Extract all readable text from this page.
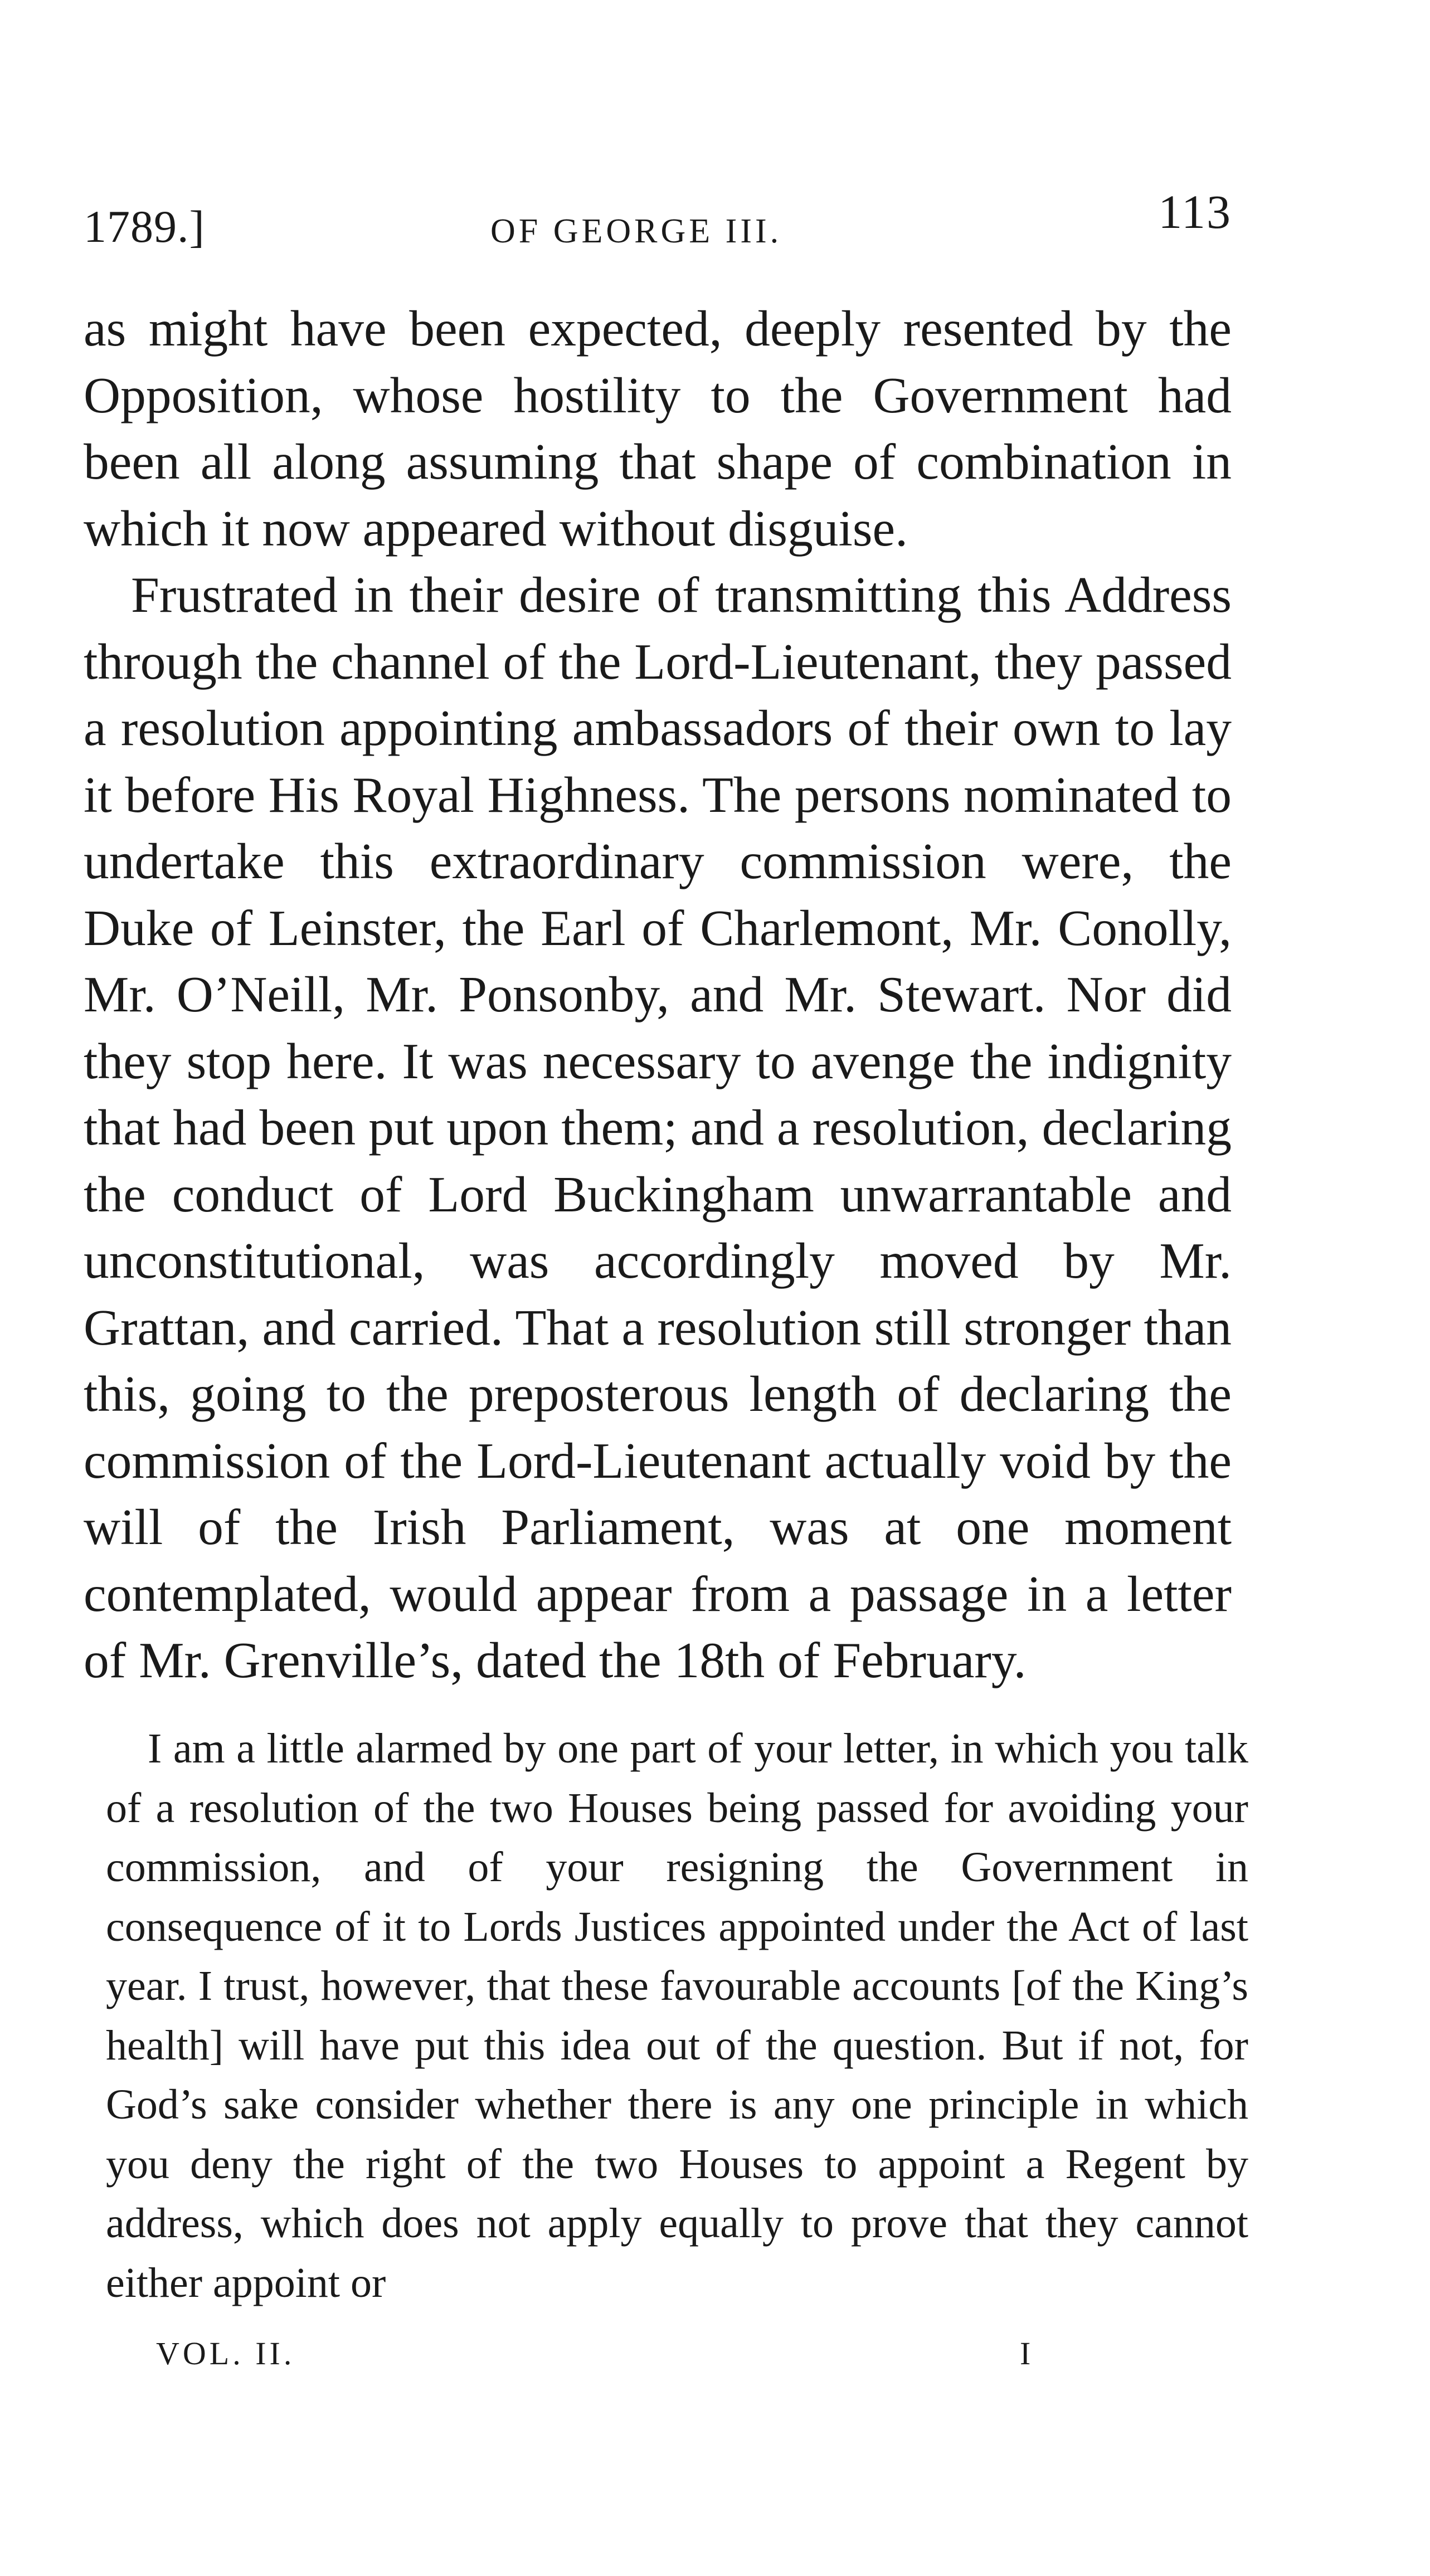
1789.]	OF GEORGE III.	113

as might have been expected, deeply resented by the Opposition, whose hostility to the Government had been all along assuming that shape of combination in which it now appeared without disguise.

Frustrated in their desire of transmitting this Address through the channel of the Lord-Lieutenant, they passed a resolution appointing ambassadors of their own to lay it before His Royal Highness. The persons nominated to undertake this extraordinary commission were, the Duke of Leinster, the Earl of Charlemont, Mr. Conolly, Mr. O’Neill, Mr. Ponsonby, and Mr. Stewart. Nor did they stop here. It was necessary to avenge the indignity that had been put upon them; and a resolution, declaring the conduct of Lord Buckingham unwarrantable and unconstitutional, was accordingly moved by Mr. Grattan, and carried. That a resolution still stronger than this, going to the preposterous length of declaring the commission of the Lord-Lieutenant actually void by the will of the Irish Parliament, was at one moment contemplated, would appear from a passage in a letter of Mr. Grenville’s, dated the 18th of February.

I am a little alarmed by one part of your letter, in which you talk of a resolution of the two Houses being passed for avoiding your commission, and of your resigning the Government in consequence of it to Lords Justices appointed under the Act of last year. I trust, however, that these favourable accounts [of the King’s health] will have put this idea out of the question. But if not, for God’s sake consider whether there is any one principle in which you deny the right of the two Houses to appoint a Regent by address, which does not apply equally to prove that they cannot either appoint or

VOL. II.	I
